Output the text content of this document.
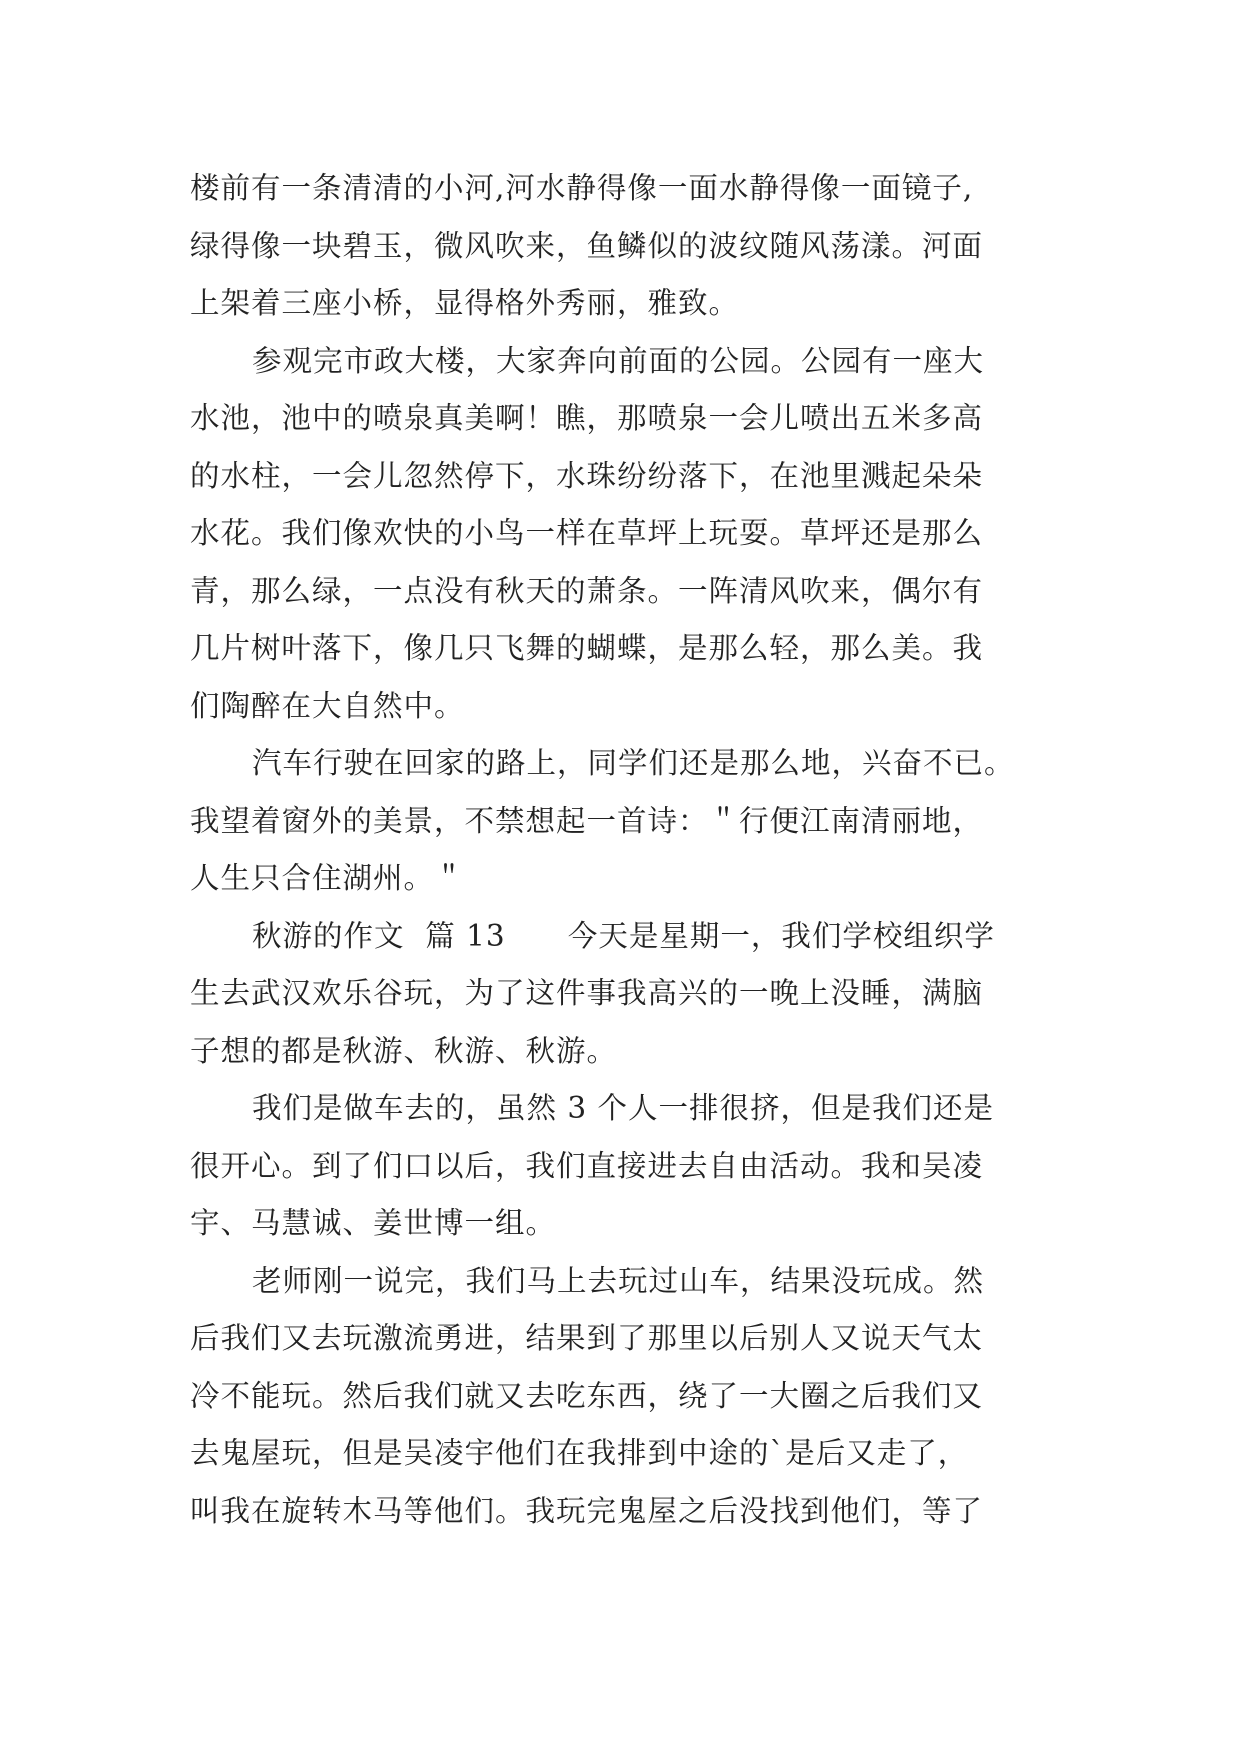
楼前有一条清清的小河,河水静得像一面水静得像一面镜子,
绿得像一块碧玉，微风吹来，鱼鳞似的波纹随风荡漾。河面
上架着三座小桥，显得格外秀丽，雅致。
参观完市政大楼，大家奔向前面的公园。公园有一座大
水池，池中的喷泉真美啊！瞧，那喷泉一会儿喷出五米多高
的水柱，一会儿忽然停下，水珠纷纷落下，在池里溅起朵朵
水花。我们像欢快的小鸟一样在草坪上玩耍。草坪还是那么
青，那么绿，一点没有秋天的萧条。一阵清风吹来，偶尔有
几片树叶落下，像几只飞舞的蝴蝶，是那么轻，那么美。我
们陶醉在大自然中。
汽车行驶在回家的路上，同学们还是那么地，兴奋不已。
我望着窗外的美景，不禁想起一首诗：＂行便江南清丽地，
人生只合住湖州。＂
秋游的作文  篇 13      今天是星期一，我们学校组织学
生去武汉欢乐谷玩，为了这件事我高兴的一晚上没睡，满脑
子想的都是秋游、秋游、秋游。
我们是做车去的，虽然 3 个人一排很挤，但是我们还是
很开心。到了们口以后，我们直接进去自由活动。我和吴凌
宇、马慧诚、姜世博一组。
老师刚一说完，我们马上去玩过山车，结果没玩成。然
后我们又去玩激流勇进，结果到了那里以后别人又说天气太
冷不能玩。然后我们就又去吃东西，绕了一大圈之后我们又
去鬼屋玩，但是吴凌宇他们在我排到中途的`是后又走了，
叫我在旋转木马等他们。我玩完鬼屋之后没找到他们，等了
